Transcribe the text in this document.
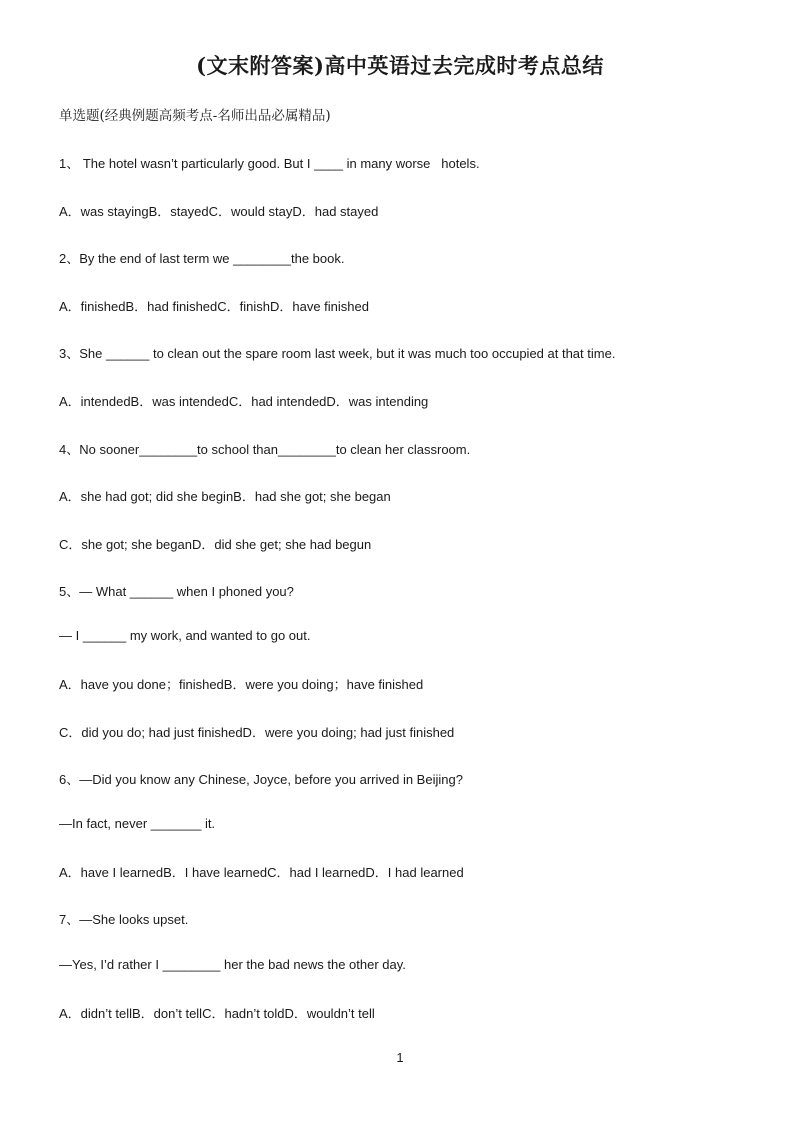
(文末附答案)高中英语过去完成时考点总结
单选题(经典例题高频考点-名师出品必属精品)
1、 The hotel wasn’t particularly good. But I ____ in many worse   hotels.
A．was stayingB．stayedC．would stayD．had stayed
2、By the end of last term we ________the book.
A．finishedB．had finishedC．finishD．have finished
3、She ______ to clean out the spare room last week, but it was much too occupied at that time.
A．intendedB．was intendedC．had intendedD．was intending
4、No sooner________to school than________to clean her classroom.
A．she had got; did she beginB．had she got; she began
C．she got; she beganD．did she get; she had begun
5、— What ______ when I phoned you?
— I ______ my work, and wanted to go out.
A．have you done；finishedB．were you doing；have finished
C．did you do; had just finishedD．were you doing; had just finished
6、—Did you know any Chinese, Joyce, before you arrived in Beijing?
—In fact, never _______ it.
A．have I learnedB．I have learnedC．had I learnedD．I had learned
7、—She looks upset.
—Yes, I’d rather I ________ her the bad news the other day.
A．didn’t tellB．don’t tellC．hadn’t toldD．wouldn’t tell
1
